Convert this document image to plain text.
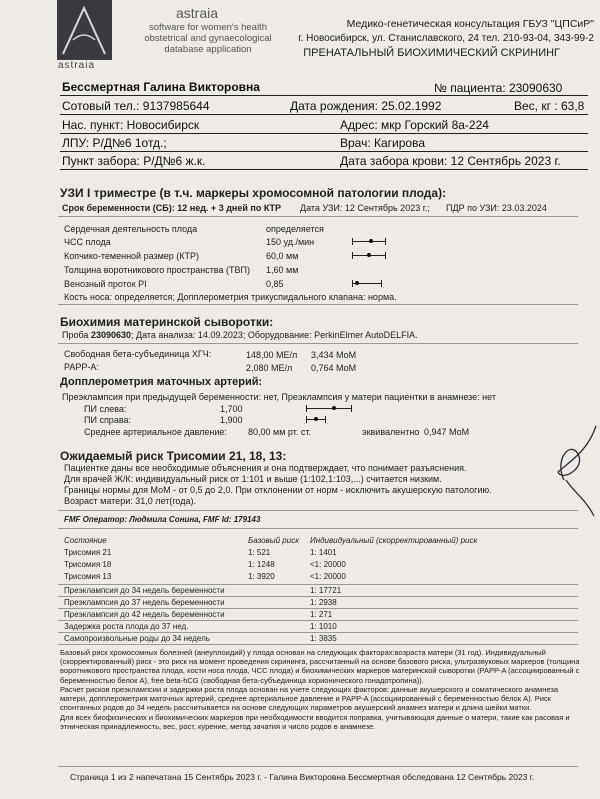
astraia
astraia
software for women's health obstetrical and gynaecological database application
Медико-генетическая консультация ГБУЗ "ЦПСиР"
г. Новосибирск, ул. Станиславского, 24 тел. 210-93-04, 343-99-2
ПРЕНАТАЛЬНЫЙ БИОХИМИЧЕСКИЙ СКРИНИНГ
Бессмертная Галина Викторовна	№ пациента: 23090630
Сотовый тел.: 9137985644	Дата рождения: 25.02.1992	Вес, кг : 63,8
Нас. пункт: Новосибирск	Адрес: мкр Горский 8а-224
ЛПУ: Р/Д№6 1отд.;	Врач: Кагирова
Пункт забора: Р/Д№6 ж.к.	Дата забора крови: 12 Сентябрь 2023 г.
УЗИ I триместре (в т.ч. маркеры хромосомной патологии плода):
Срок беременности (СБ): 12 нед. + 3 дней по КТР Дата УЗИ: 12 Сентябрь 2023 г.; ПДР по УЗИ: 23.03.2024
Сердечная деятельность плода	определяется
ЧСС плода	150 уд./мин
Копчико-теменной размер (КТР)	60,0 мм
Толщина воротникового пространства (ТВП) 1,60 мм
Венозный проток PI	0,85
Кость носа: определяется; Допплерометрия трикуспидального клапана: норма.
Биохимия материнской сыворотки:
Проба 23090630; Дата анализа: 14.09.2023; Оборудование: PerkinElmer AutoDELFIA.
Свободная бета-субъединица ХГЧ:	148,00 МЕ/л 3,434 МоМ
PAPP-A:	2,080 МЕ/л 0,764 МоМ
Допплерометрия маточных артерий:
Преэклампсия при предыдущей беременности: нет, Преэклампсия у матери пациентки в анамнезе: нет
ПИ слева:	1,700
ПИ справа:	1,900
Среднее артериальное давление: 80,00 мм рт. ст.	эквивалентно 0,947 МоМ
Ожидаемый риск Трисомии 21, 18, 13:
Пациентке даны все необходимые объяснения и она подтверждает, что понимает разъяснения.
Для врачей Ж/К: индивидуальный риск от 1:101 и выше (1:102,1:103,...) считается низким.
Границы нормы для МоМ - от 0,5 до 2,0. При отклонении от норм - исключить акушерскую патологию.
Возраст матери: 31,0 лет(года).
FMF Оператор: Людмила Сонина, FMF Id: 179143
Состояние	Базовый риск Индивидуальный (скорректированный) риск
Трисомия 21	1: 521	1: 1401
Трисомия 18	1: 1248	<1: 20000
Трисомия 13	1: 3920	<1: 20000
Преэклампсия до 34 недель беременности	1: 17721
Преэклампсия до 37 недель беременности	1: 2938
Преэклампсия до 42 недель беременности	1: 271
Задержка роста плода до 37 нед.	1: 1010
Самопроизвольные роды до 34 недель	1: 3835
Базовый риск хромосомных болезней (анеуплоидий) у плода основан на следующих факторах:возраста матери (31 год). Индивидуальный (скорректированный) риск - это риск на момент проведения скрининга, рассчитанный на основе базового риска, ультразвуковых маркеров (толщина воротникового пространства плода, кости носа плода, ЧСС плода) и биохимических маркеров материнской сыворотки (PAPP-A (ассоциированный с беременностью белок А), free beta-hCG (свободная бета-субъединица хорионического гонадотропина)).
Расчет рисков преэклампсии и задержки роста плода основан на учете следующих факторов: данные акушерского и соматического анамнеза матери, допплерометрия маточных артерий, среднее артериальное давление и PAPP-A (ассоциированный с беременностью белок А). Риск спонтанных родов до 34 недель рассчитывается на основе следующих параметров акушерский анамнез матери и длина шейки матки.
Для всех биофизических и биохимических маркеров при необходимости вводится поправка, учитывающая данные о матери, такие как расовая и этническая принадлежность, вес, рост, курение, метод зачатия и число родов в анамнезе.
Страница 1 из 2 напечатана 15 Сентябрь 2023 г. - Галина Викторовна Бессмертная обследована 12 Сентябрь 2023 г.
